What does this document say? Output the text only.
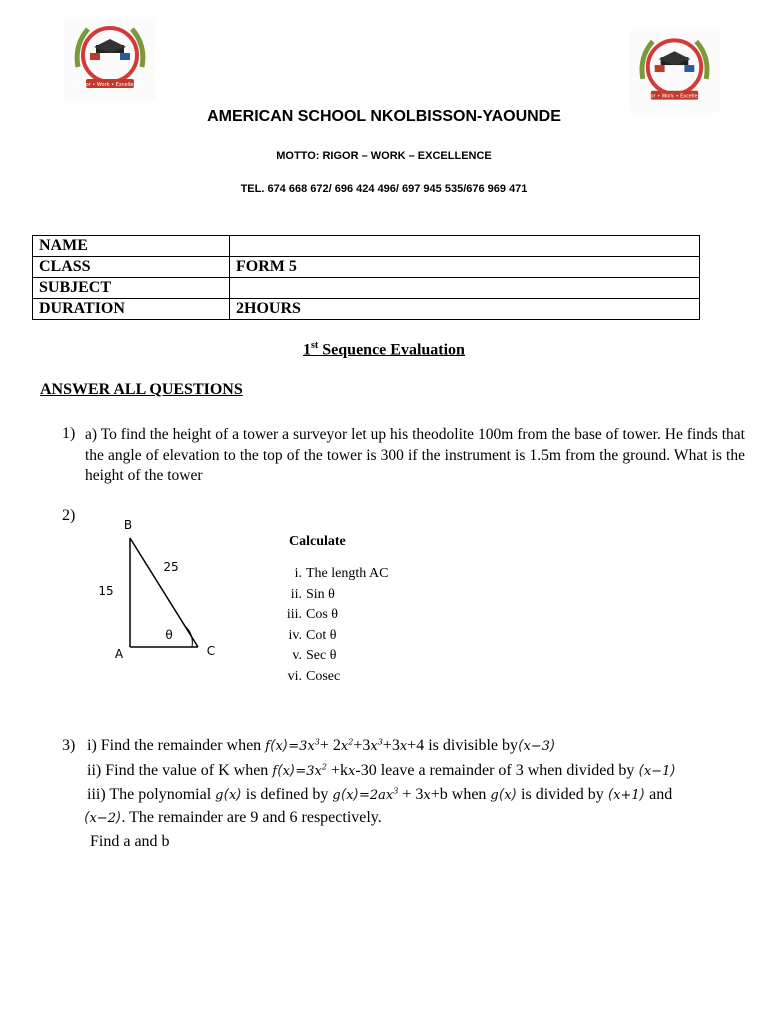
Rigor • Work • Excellence
Rigor • Work • Excellence
AMERICAN SCHOOL NKOLBISSON-YAOUNDE
MOTTO: RIGOR – WORK – EXCELLENCE
TEL. 674 668 672/ 696 424 496/ 697 945 535/676 969 471
NAME	
CLASS	FORM 5
SUBJECT	
DURATION	2HOURS
1st Sequence Evaluation
ANSWER ALL QUESTIONS
1) a) To find the height of a tower a surveyor let up his theodolite 100m from the base of tower. He finds that the angle of elevation to the top of the tower is 300 if the instrument is 1.5m from the ground. What is the height of the tower
2)
B
A	C
25
15
θ
Calculate
i. The length AC
ii. Sin θ
iii. Cos θ
iv. Cot θ
v. Sec θ
vi. Cosec
3) i) Find the remainder when $f(x)=3x^3+ 2x^2+3x^3+3x+4$ is divisible by(x−3)
ii) Find the value of K when $f(x)=3x^2 +kx-30$ leave a remainder of 3 when divided by (x−1)
iii) The polynomial g(x) is defined by $g(x)=2ax^3 + 3x+b$ when g(x) is divided by (x+1) and
(x−2). The remainder are 9 and 6 respectively.
Find a and b
